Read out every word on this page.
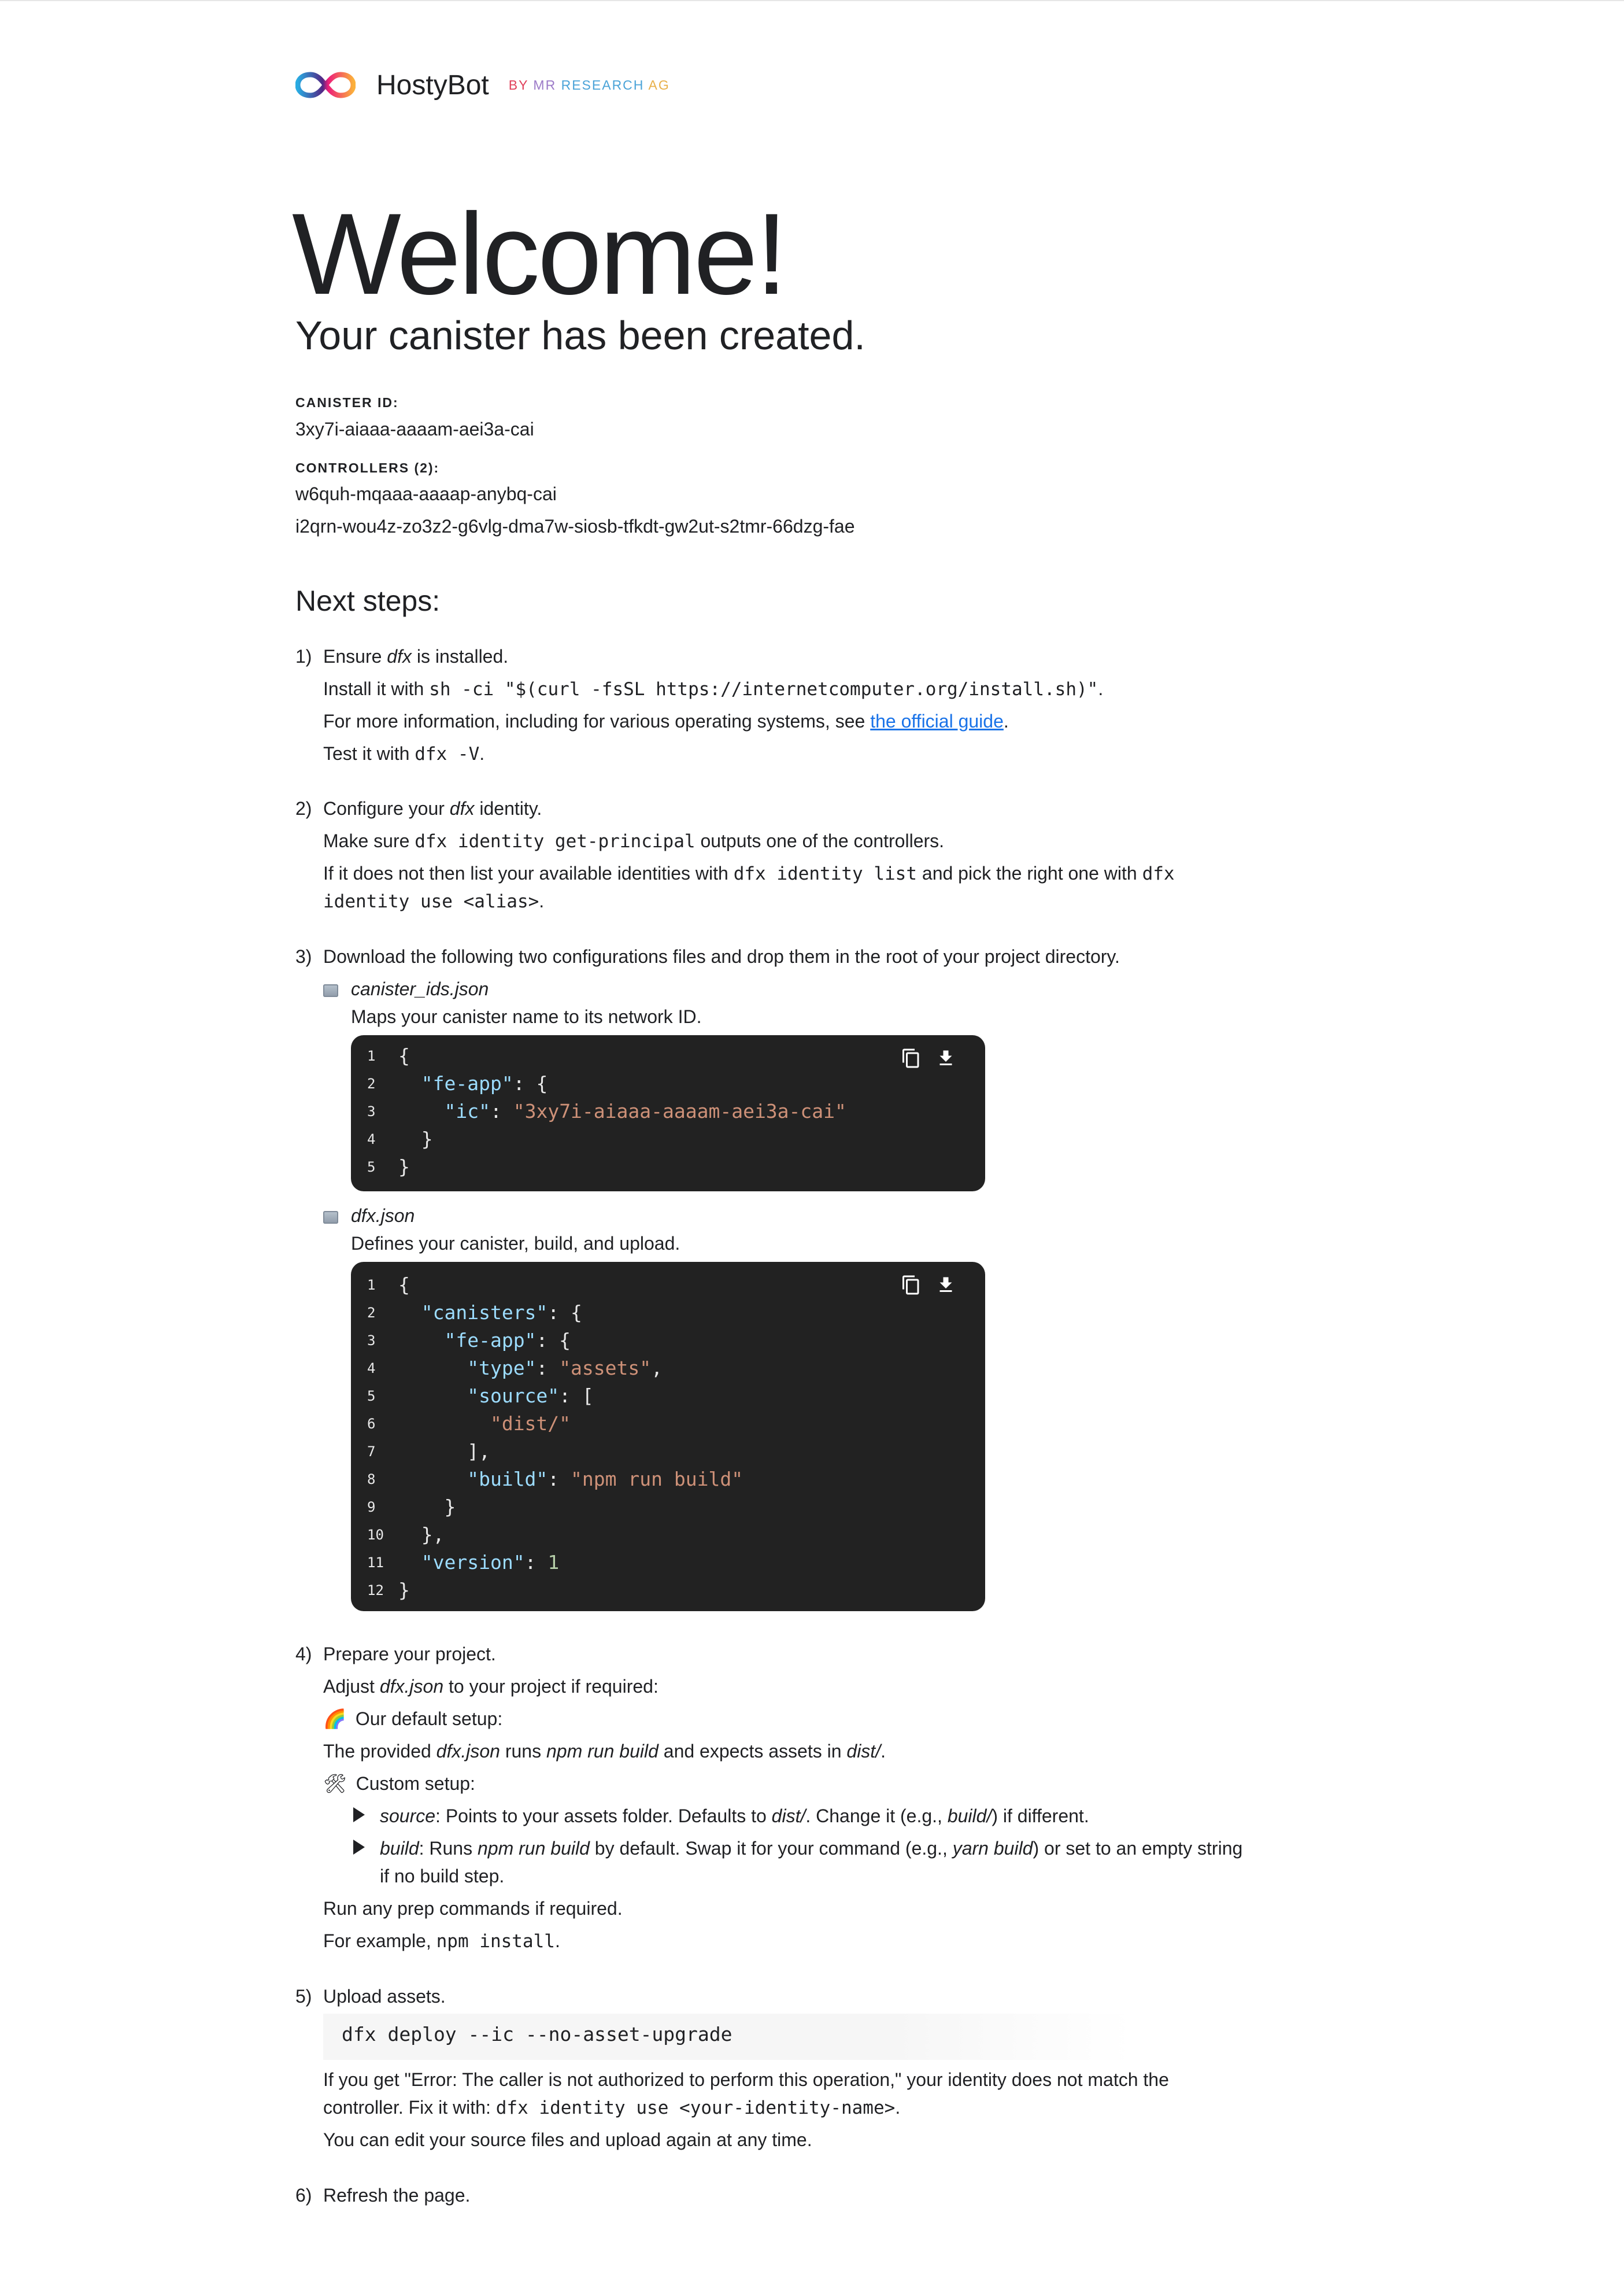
HostyBot BY MR RESEARCH AG
Welcome!
Your canister has been created.
CANISTER ID:
3xy7i-aiaaa-aaaam-aei3a-cai
CONTROLLERS (2):
w6quh-mqaaa-aaaap-anybq-cai
i2qrn-wou4z-zo3z2-g6vlg-dma7w-siosb-tfkdt-gw2ut-s2tmr-66dzg-fae
Next steps:
1) Ensure dfx is installed.
Install it with sh -ci "$(curl -fsSL https://internetcomputer.org/install.sh)".
For more information, including for various operating systems, see the official guide.
Test it with dfx -V.
2) Configure your dfx identity.
Make sure dfx identity get-principal outputs one of the controllers.
If it does not then list your available identities with dfx identity list and pick the right one with dfx
identity use <alias>.
3) Download the following two configurations files and drop them in the root of your project directory.
canister_ids.json
Maps your canister name to its network ID.
1	{
2	"fe-app": {
3	"ic": "3xy7i-aiaaa-aaaam-aei3a-cai"
4	}
5	}
dfx.json
Defines your canister, build, and upload.
1	{
2	"canisters": {
3	"fe-app": {
4	"type": "assets",
5	"source": [
6	"dist/"
7	],
8	"build": "npm run build"
9	}
10 },
11	"version": 1
12 }
4) Prepare your project.
Adjust dfx.json to your project if required:
🌈 Our default setup:
The provided dfx.json runs npm run build and expects assets in dist/.
🛠 Custom setup:
source: Points to your assets folder. Defaults to dist/. Change it (e.g., build/) if different.
build: Runs npm run build by default. Swap it for your command (e.g., yarn build) or set to an empty string
if no build step.
Run any prep commands if required.
For example, npm install.
5) Upload assets.
dfx deploy --ic --no-asset-upgrade
If you get "Error: The caller is not authorized to perform this operation," your identity does not match the
controller. Fix it with: dfx identity use <your-identity-name>.
You can edit your source files and upload again at any time.
6) Refresh the page.
